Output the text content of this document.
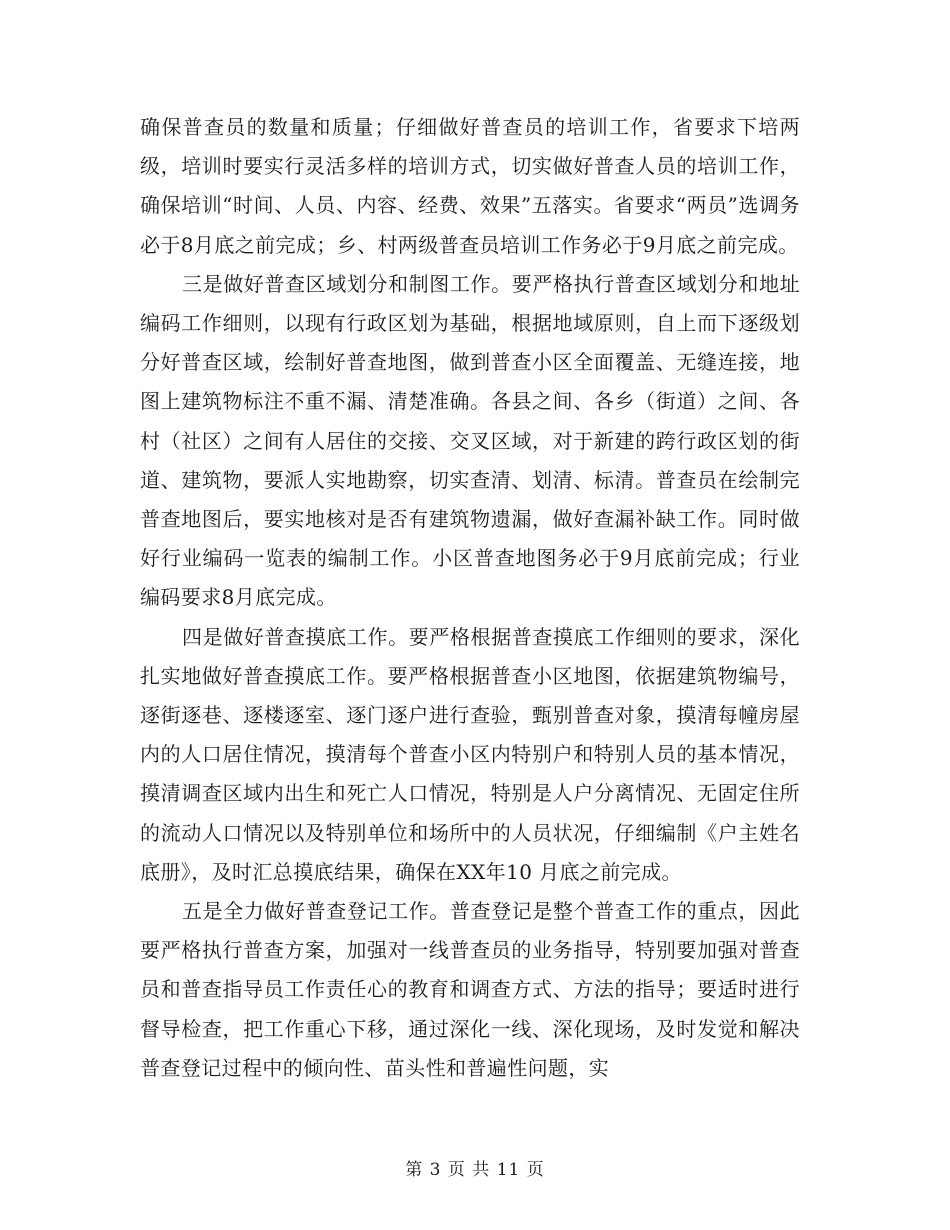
确保普查员的数量和质量；仔细做好普查员的培训工作，省要求下培两级，培训时要实行灵活多样的培训方式，切实做好普查人员的培训工作，确保培训“时间、人员、内容、经费、效果”五落实。省要求“两员”选调务必于8月底之前完成；乡、村两级普查员培训工作务必于9月底之前完成。

三是做好普查区域划分和制图工作。要严格执行普查区域划分和地址编码工作细则，以现有行政区划为基础，根据地域原则，自上而下逐级划分好普查区域，绘制好普查地图，做到普查小区全面覆盖、无缝连接，地图上建筑物标注不重不漏、清楚准确。各县之间、各乡（街道）之间、各村（社区）之间有人居住的交接、交叉区域，对于新建的跨行政区划的街道、建筑物，要派人实地勘察，切实查清、划清、标清。普查员在绘制完普查地图后，要实地核对是否有建筑物遗漏，做好查漏补缺工作。同时做好行业编码一览表的编制工作。小区普查地图务必于9月底前完成；行业编码要求8月底完成。

四是做好普查摸底工作。要严格根据普查摸底工作细则的要求，深化扎实地做好普查摸底工作。要严格根据普查小区地图，依据建筑物编号，逐街逐巷、逐楼逐室、逐门逐户进行查验，甄别普查对象，摸清每幢房屋内的人口居住情况，摸清每个普查小区内特别户和特别人员的基本情况，摸清调查区域内出生和死亡人口情况，特别是人户分离情况、无固定住所的流动人口情况以及特别单位和场所中的人员状况，仔细编制《户主姓名底册》，及时汇总摸底结果，确保在XX年10 月底之前完成。

五是全力做好普查登记工作。普查登记是整个普查工作的重点，因此要严格执行普查方案，加强对一线普查员的业务指导，特别要加强对普查员和普查指导员工作责任心的教育和调查方式、方法的指导；要适时进行督导检查，把工作重心下移，通过深化一线、深化现场，及时发觉和解决普查登记过程中的倾向性、苗头性和普遍性问题，实

第 3 页 共 11 页
